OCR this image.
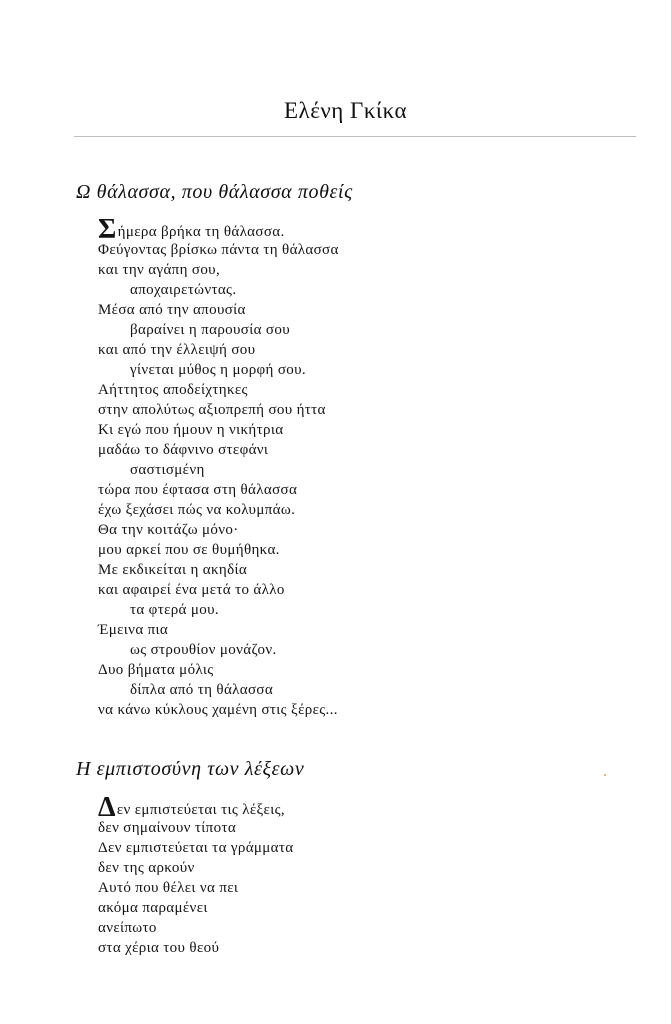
Ελένη Γκίκα
Ω θάλασσα, που θάλασσα ποθείς
Σήμερα βρήκα τη θάλασσα.
Φεύγοντας βρίσκω πάντα τη θάλασσα
και την αγάπη σου,
αποχαιρετώντας.
Μέσα από την απουσία
βαραίνει η παρουσία σου
και από την έλλειψή σου
γίνεται μύθος η μορφή σου.
Αήττητος αποδείχτηκες
στην απολύτως αξιοπρεπή σου ήττα
Κι εγώ που ήμουν η νικήτρια
μαδάω το δάφνινο στεφάνι
σαστισμένη
τώρα που έφτασα στη θάλασσα
έχω ξεχάσει πώς να κολυμπάω.
Θα την κοιτάζω μόνο·
μου αρκεί που σε θυμήθηκα.
Με εκδικείται η ακηδία
και αφαιρεί ένα μετά το άλλο
τα φτερά μου.
Έμεινα πια
ως στρουθίον μονάζον.
Δυο βήματα μόλις
δίπλα από τη θάλασσα
να κάνω κύκλους χαμένη στις ξέρες...
Η εμπιστοσύνη των λέξεων
Δεν εμπιστεύεται τις λέξεις,
δεν σημαίνουν τίποτα
Δεν εμπιστεύεται τα γράμματα
δεν της αρκούν
Αυτό που θέλει να πει
ακόμα παραμένει
ανείπωτο
στα χέρια του θεού
